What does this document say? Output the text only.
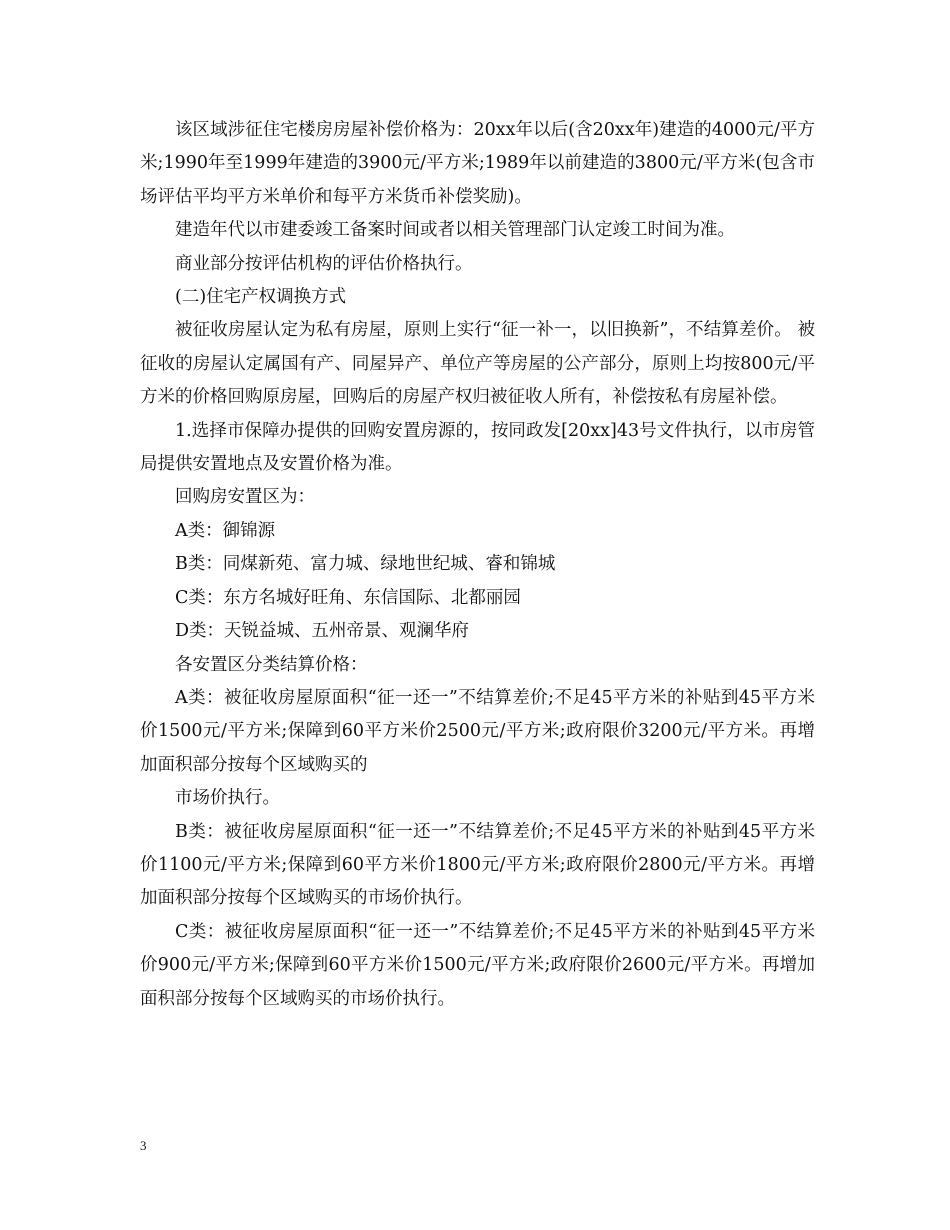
该区域涉征住宅楼房房屋补偿价格为：20xx年以后(含20xx年)建造的4000元/平方米;1990年至1999年建造的3900元/平方米;1989年以前建造的3800元/平方米(包含市场评估平均平方米单价和每平方米货币补偿奖励)。

建造年代以市建委竣工备案时间或者以相关管理部门认定竣工时间为准。

商业部分按评估机构的评估价格执行。

(二)住宅产权调换方式

被征收房屋认定为私有房屋，原则上实行“征一补一，以旧换新”，不结算差价。 被征收的房屋认定属国有产、同屋异产、单位产等房屋的公产部分，原则上均按800元/平方米的价格回购原房屋，回购后的房屋产权归被征收人所有，补偿按私有房屋补偿。

1.选择市保障办提供的回购安置房源的，按同政发[20xx]43号文件执行，以市房管局提供安置地点及安置价格为准。

回购房安置区为：

A类：御锦源

B类：同煤新苑、富力城、绿地世纪城、睿和锦城

C类：东方名城好旺角、东信国际、北都丽园

D类：天锐益城、五州帝景、观澜华府

各安置区分类结算价格：

A类：被征收房屋原面积“征一还一”不结算差价;不足45平方米的补贴到45平方米价1500元/平方米;保障到60平方米价2500元/平方米;政府限价3200元/平方米。再增加面积部分按每个区域购买的

市场价执行。

B类：被征收房屋原面积“征一还一”不结算差价;不足45平方米的补贴到45平方米价1100元/平方米;保障到60平方米价1800元/平方米;政府限价2800元/平方米。再增加面积部分按每个区域购买的市场价执行。

C类：被征收房屋原面积“征一还一”不结算差价;不足45平方米的补贴到45平方米价900元/平方米;保障到60平方米价1500元/平方米;政府限价2600元/平方米。再增加面积部分按每个区域购买的市场价执行。

3
